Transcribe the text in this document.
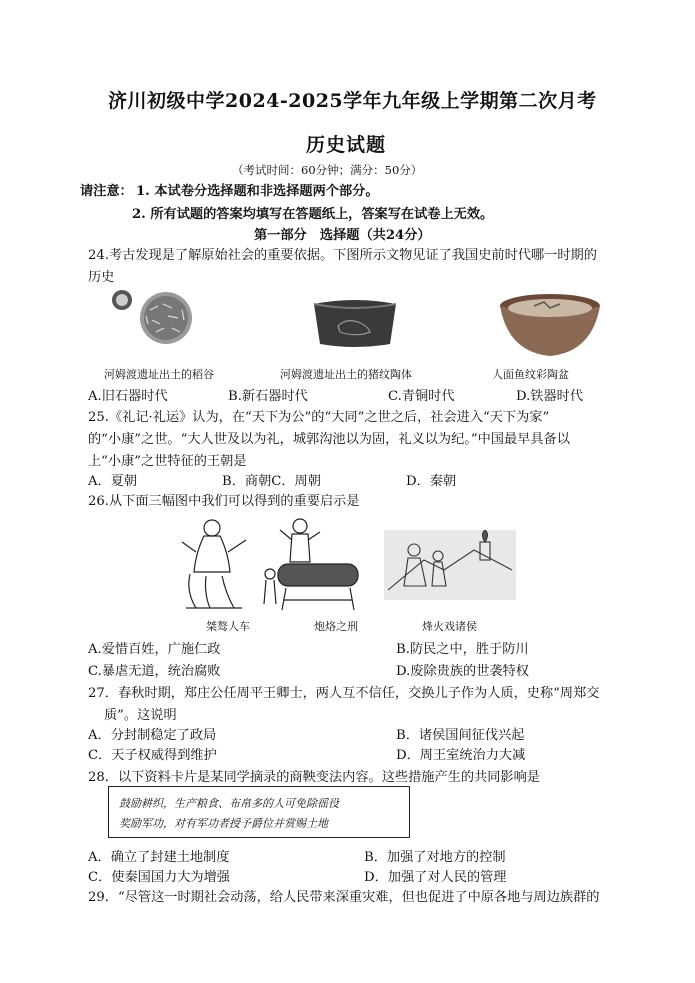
济川初级中学2024-2025学年九年级上学期第二次月考
历史试题
（考试时间：60分钟；满分：50分）
请注意： 1. 本试卷分选择题和非选择题两个部分。
2. 所有试题的答案均填写在答题纸上，答案写在试卷上无效。
第一部分　选择题（共24分）
24.考古发现是了解原始社会的重要依据。下图所示文物见证了我国史前时代哪一时期的
历史
河姆渡遗址出土的稻谷	河姆渡遗址出土的猪纹陶体	人面鱼纹彩陶盆
A.旧石器时代	B.新石器时代	C.青铜时代	D.铁器时代
25.《礼记·礼运》认为，在“天下为公”的“大同”之世之后，社会进入“天下为家”
的“小康”之世。“大人世及以为礼，城郭沟池以为固，礼义以为纪。”中国最早具备以
上“小康”之世特征的王朝是
A．夏朝	B．商朝C．周朝	D．秦朝
26.从下面三幅图中我们可以得到的重要启示是
桀骜人车	炮烙之刑	烽火戏诸侯
A.爱惜百姓，广施仁政	B.防民之中，胜于防川
C.暴虐无道，统治腐败	D.废除贵族的世袭特权
27．春秋时期，郑庄公任周平王卿士，两人互不信任，交换儿子作为人质，史称“周郑交
质”。这说明
A．分封制稳定了政局	B．诸侯国间征伐兴起
C．天子权威得到维护	D．周王室统治力大减
28．以下资料卡片是某同学摘录的商鞅变法内容。这些措施产生的共同影响是
鼓励耕织，生产粮食、布帛多的人可免除徭役
奖励军功，对有军功者授予爵位并赏赐土地
A．确立了封建土地制度	B．加强了对地方的控制
C．使秦国国力大为增强	D．加强了对人民的管理
29．“尽管这一时期社会动荡，给人民带来深重灾难，但也促进了中原各地与周边族群的
